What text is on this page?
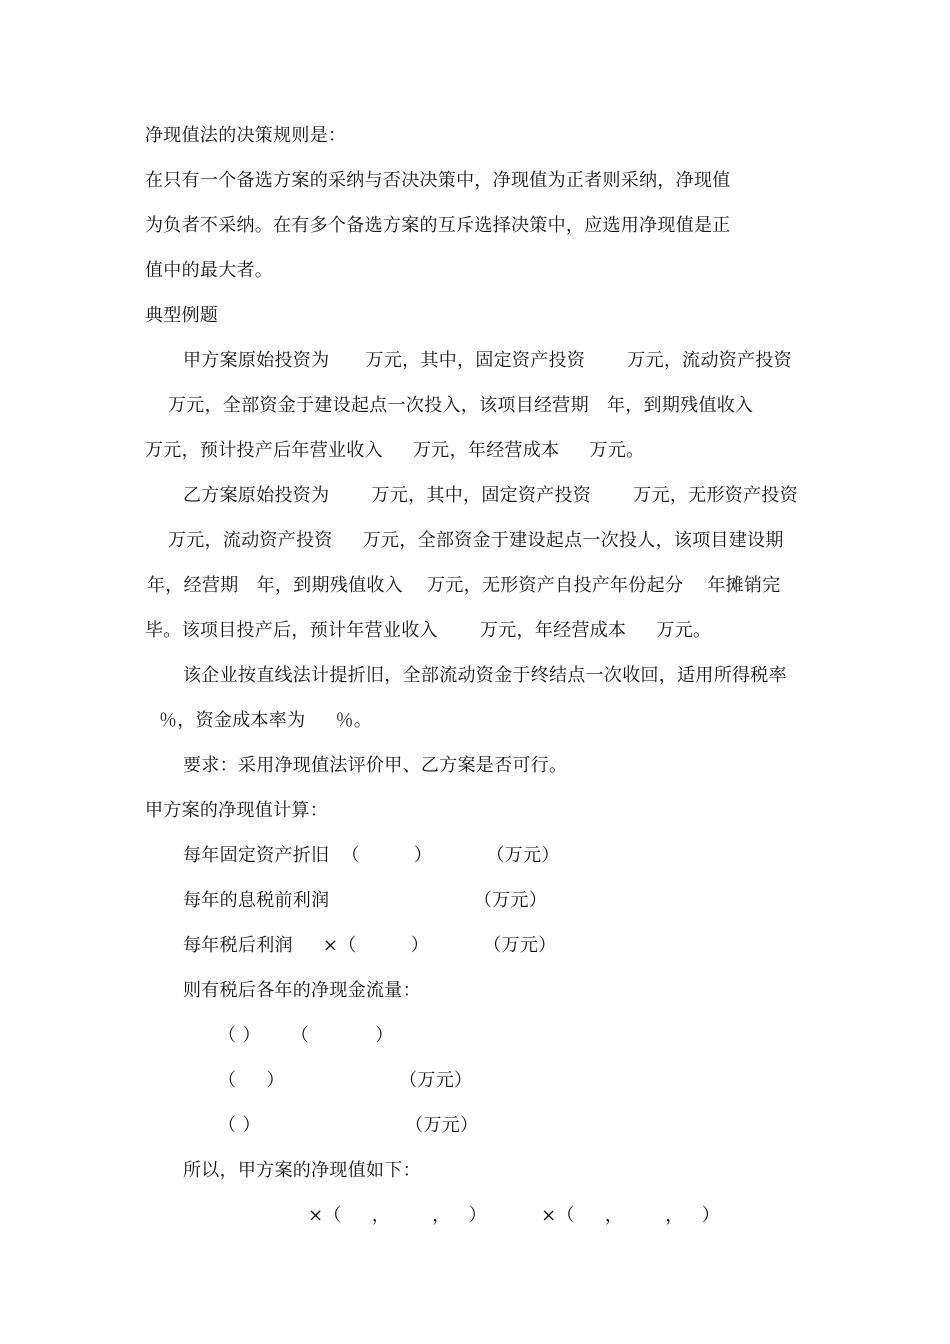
净现值法的决策规则是：
在只有一个备选方案的采纳与否决决策中，净现值为正者则采纳，净现值
为负者不采纳。在有多个备选方案的互斥选择决策中，应选用净现值是正
值中的最大者。
典型例题
甲方案原始投资为      万元，其中，固定资产投资       万元，流动资产投资
万元，全部资金于建设起点一次投入，该项目经营期   年，到期残值收入
万元，预计投产后年营业收入     万元，年经营成本     万元。
乙方案原始投资为       万元，其中，固定资产投资       万元，无形资产投资
万元，流动资产投资     万元，全部资金于建设起点一次投人，该项目建设期
年，经营期   年，到期残值收入    万元，无形资产自投产年份起分    年摊销完
毕。该项目投产后，预计年营业收入       万元，年经营成本     万元。
该企业按直线法计提折旧，全部流动资金于终结点一次收回，适用所得税率
％，资金成本率为     ％。
要求：采用净现值法评价甲、乙方案是否可行。
甲方案的净现值计算：
每年固定资产折旧  （         ）         （万元）
每年的息税前利润                        （万元）
每年税后利润     ×（         ）         （万元）
则有税后各年的净现金流量：
（ ）     （           ）
（     ）                   （万元）
（ ）                        （万元）
所以，甲方案的净现值如下：
×（     ，       ，   ）         ×（     ，       ，   ）
